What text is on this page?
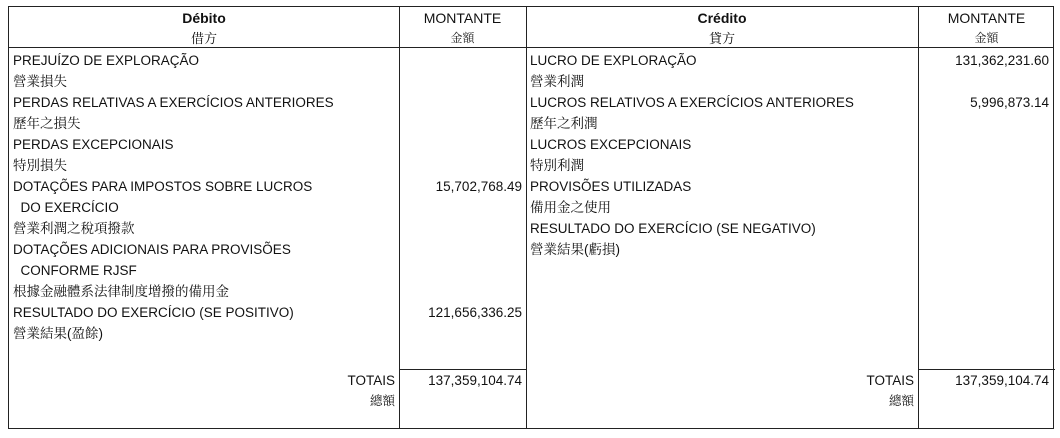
Débito
借方
MONTANTE
金額
Crédito
貸方
MONTANTE
金額
PREJUÍZO DE EXPLORAÇÃO
營業損失
PERDAS RELATIVAS A EXERCÍCIOS ANTERIORES
歷年之損失
PERDAS EXCEPCIONAIS
特別損失
DOTAÇÕES PARA IMPOSTOS SOBRE LUCROS
DO EXERCÍCIO
營業利潤之稅項撥款
DOTAÇÕES ADICIONAIS PARA PROVISÕES
CONFORME RJSF
根據金融體系法律制度增撥的備用金
RESULTADO DO EXERCÍCIO (SE POSITIVO)
營業結果(盈餘)
15,702,768.49
121,656,336.25
LUCRO DE EXPLORAÇÃO
營業利潤
LUCROS RELATIVOS A EXERCÍCIOS ANTERIORES
歷年之利潤
LUCROS EXCEPCIONAIS
特別利潤
PROVISÕES UTILIZADAS
備用金之使用
RESULTADO DO EXERCÍCIO (SE NEGATIVO)
營業結果(虧損)
131,362,231.60
5,996,873.14
TOTAIS
總額
137,359,104.74	TOTAIS
總額
137,359,104.74
